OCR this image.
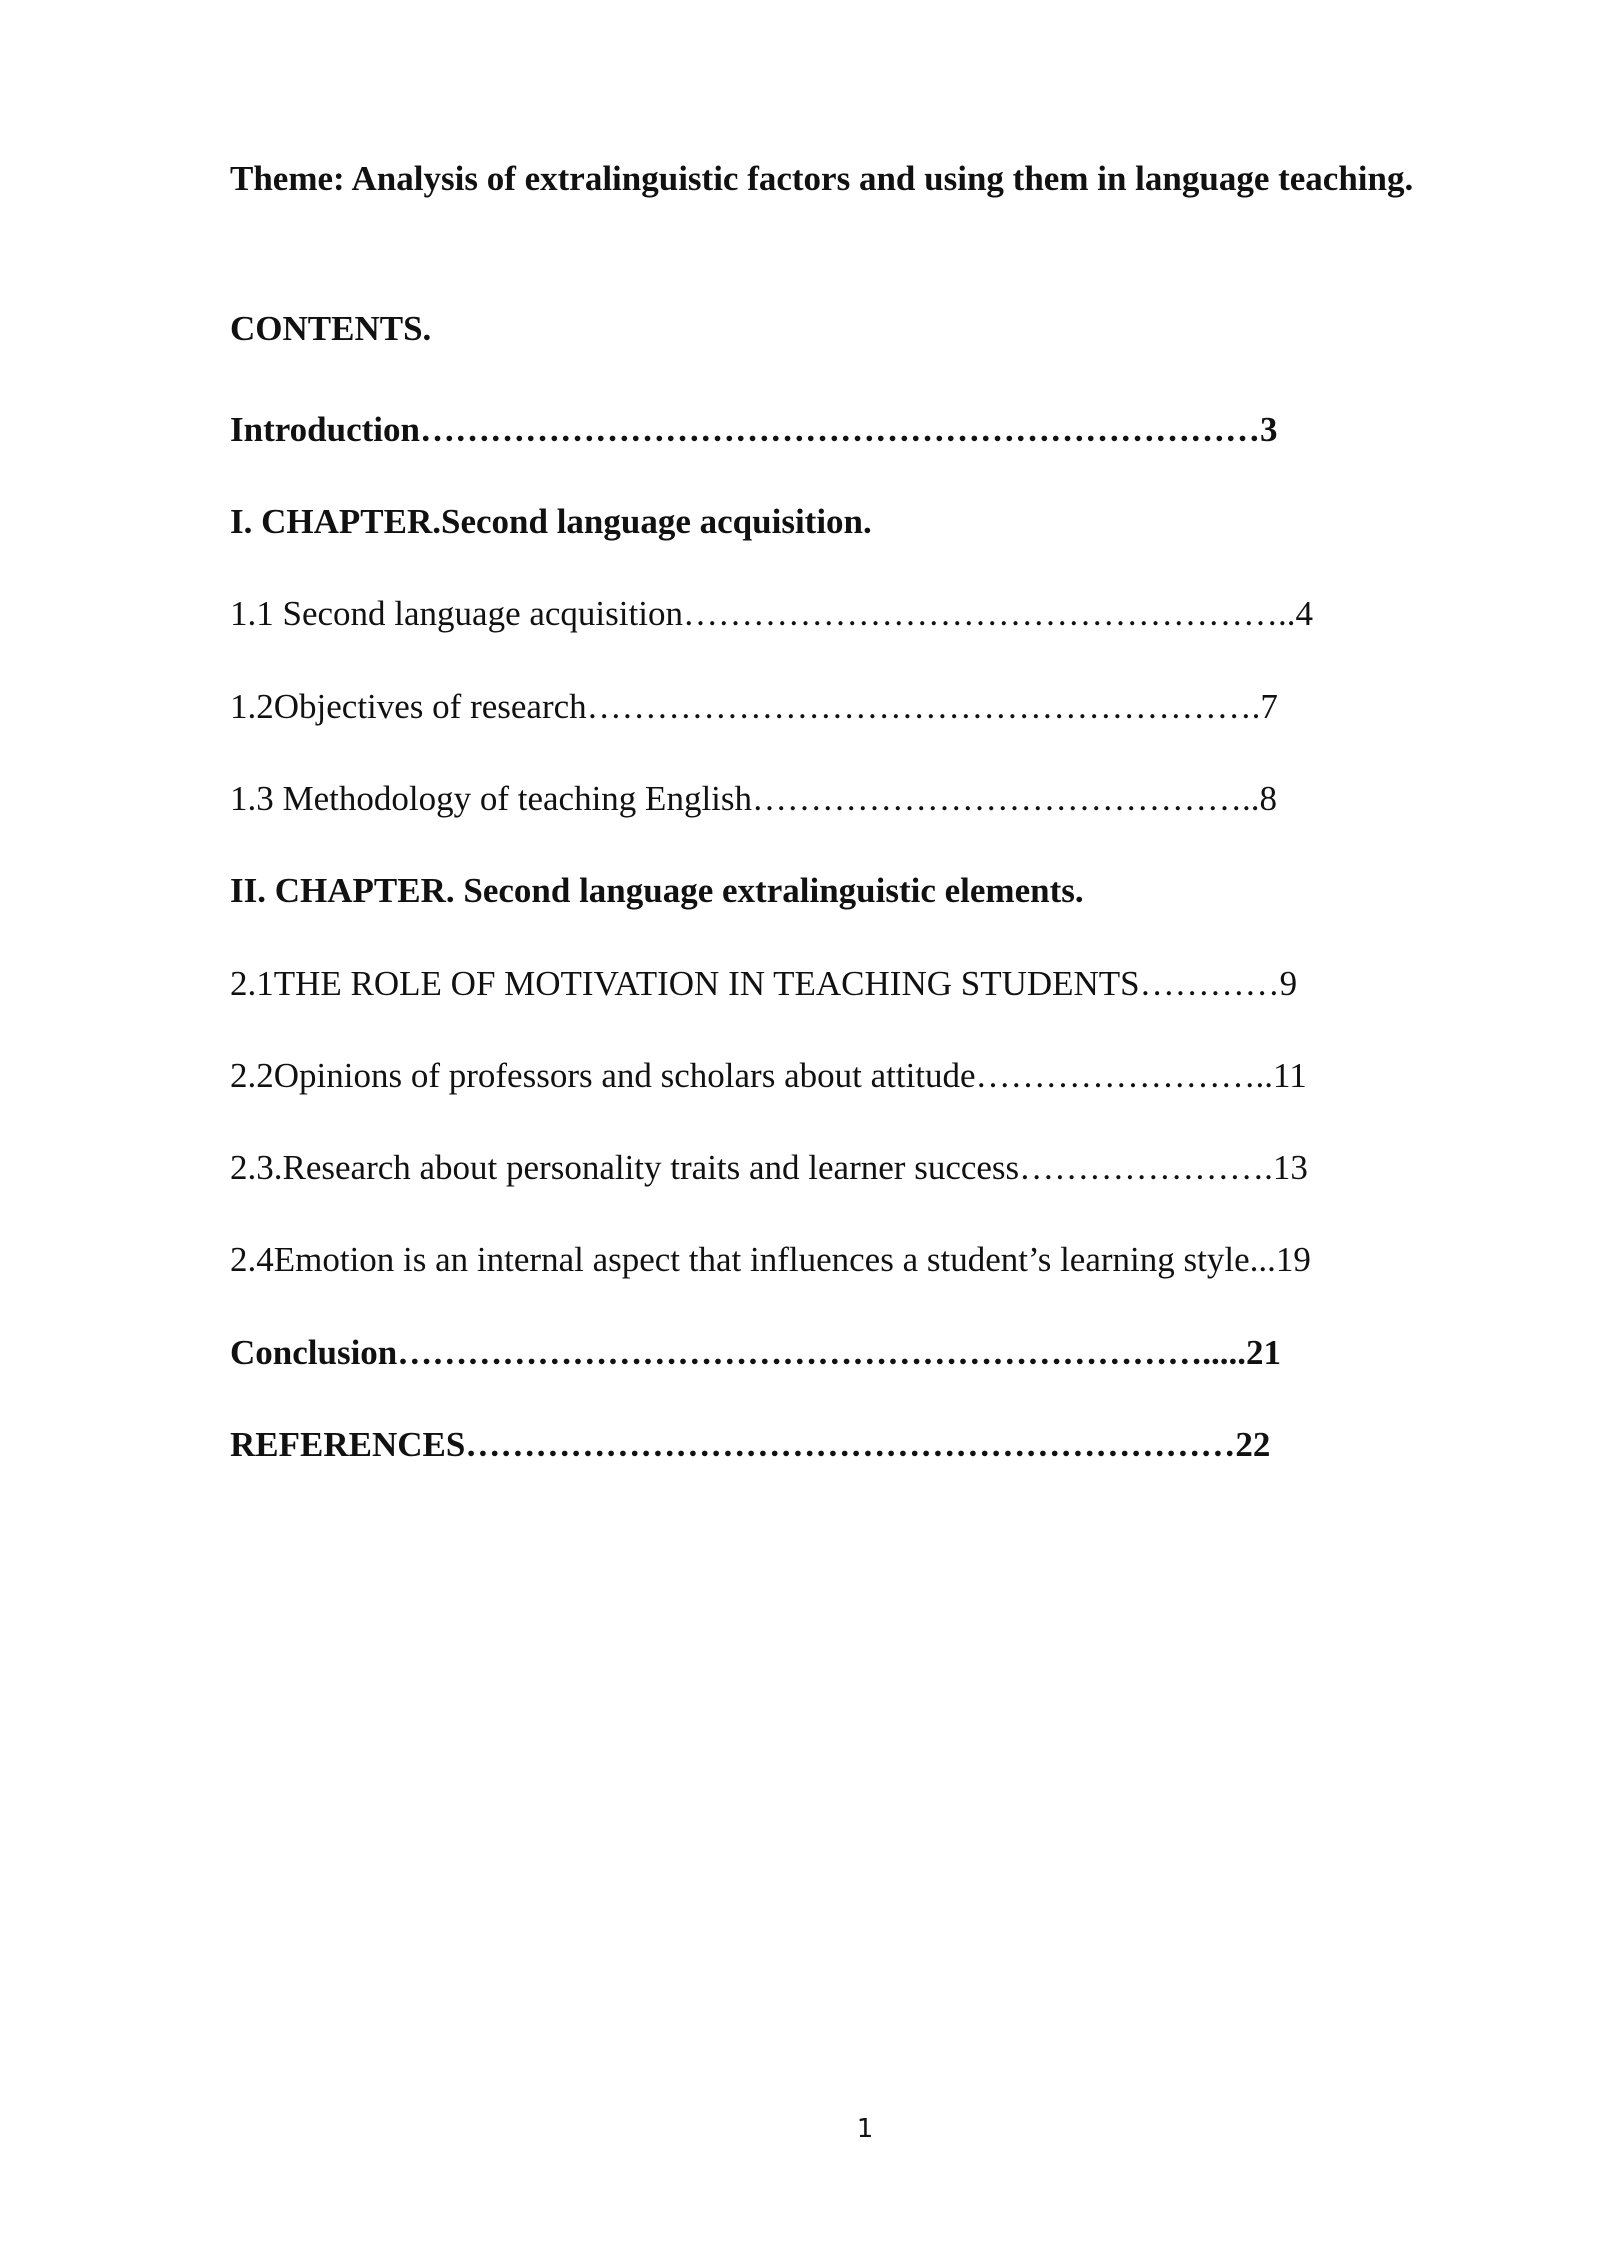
Theme: Analysis of extralinguistic factors and using them in language teaching.
CONTENTS.
Introduction………………………………………………………………3
I. CHAPTER.Second language acquisition.
1.1 Second language acquisition……………………………………………..4
1.2Objectives of research………………………………………………….7
1.3 Methodology of teaching English……………………………………..8
II. CHAPTER. Second language extralinguistic elements.
2.1THE ROLE OF MOTIVATION IN TEACHING STUDENTS…………9
2.2Opinions of professors and scholars about attitude……………………..11
2.3.Research about personality traits and learner success………………….13
2.4Emotion is an internal aspect that influences a student’s learning style...19
Conclusion…………………………………………………………….....21
REFERENCES…………………………………………………………22
1
